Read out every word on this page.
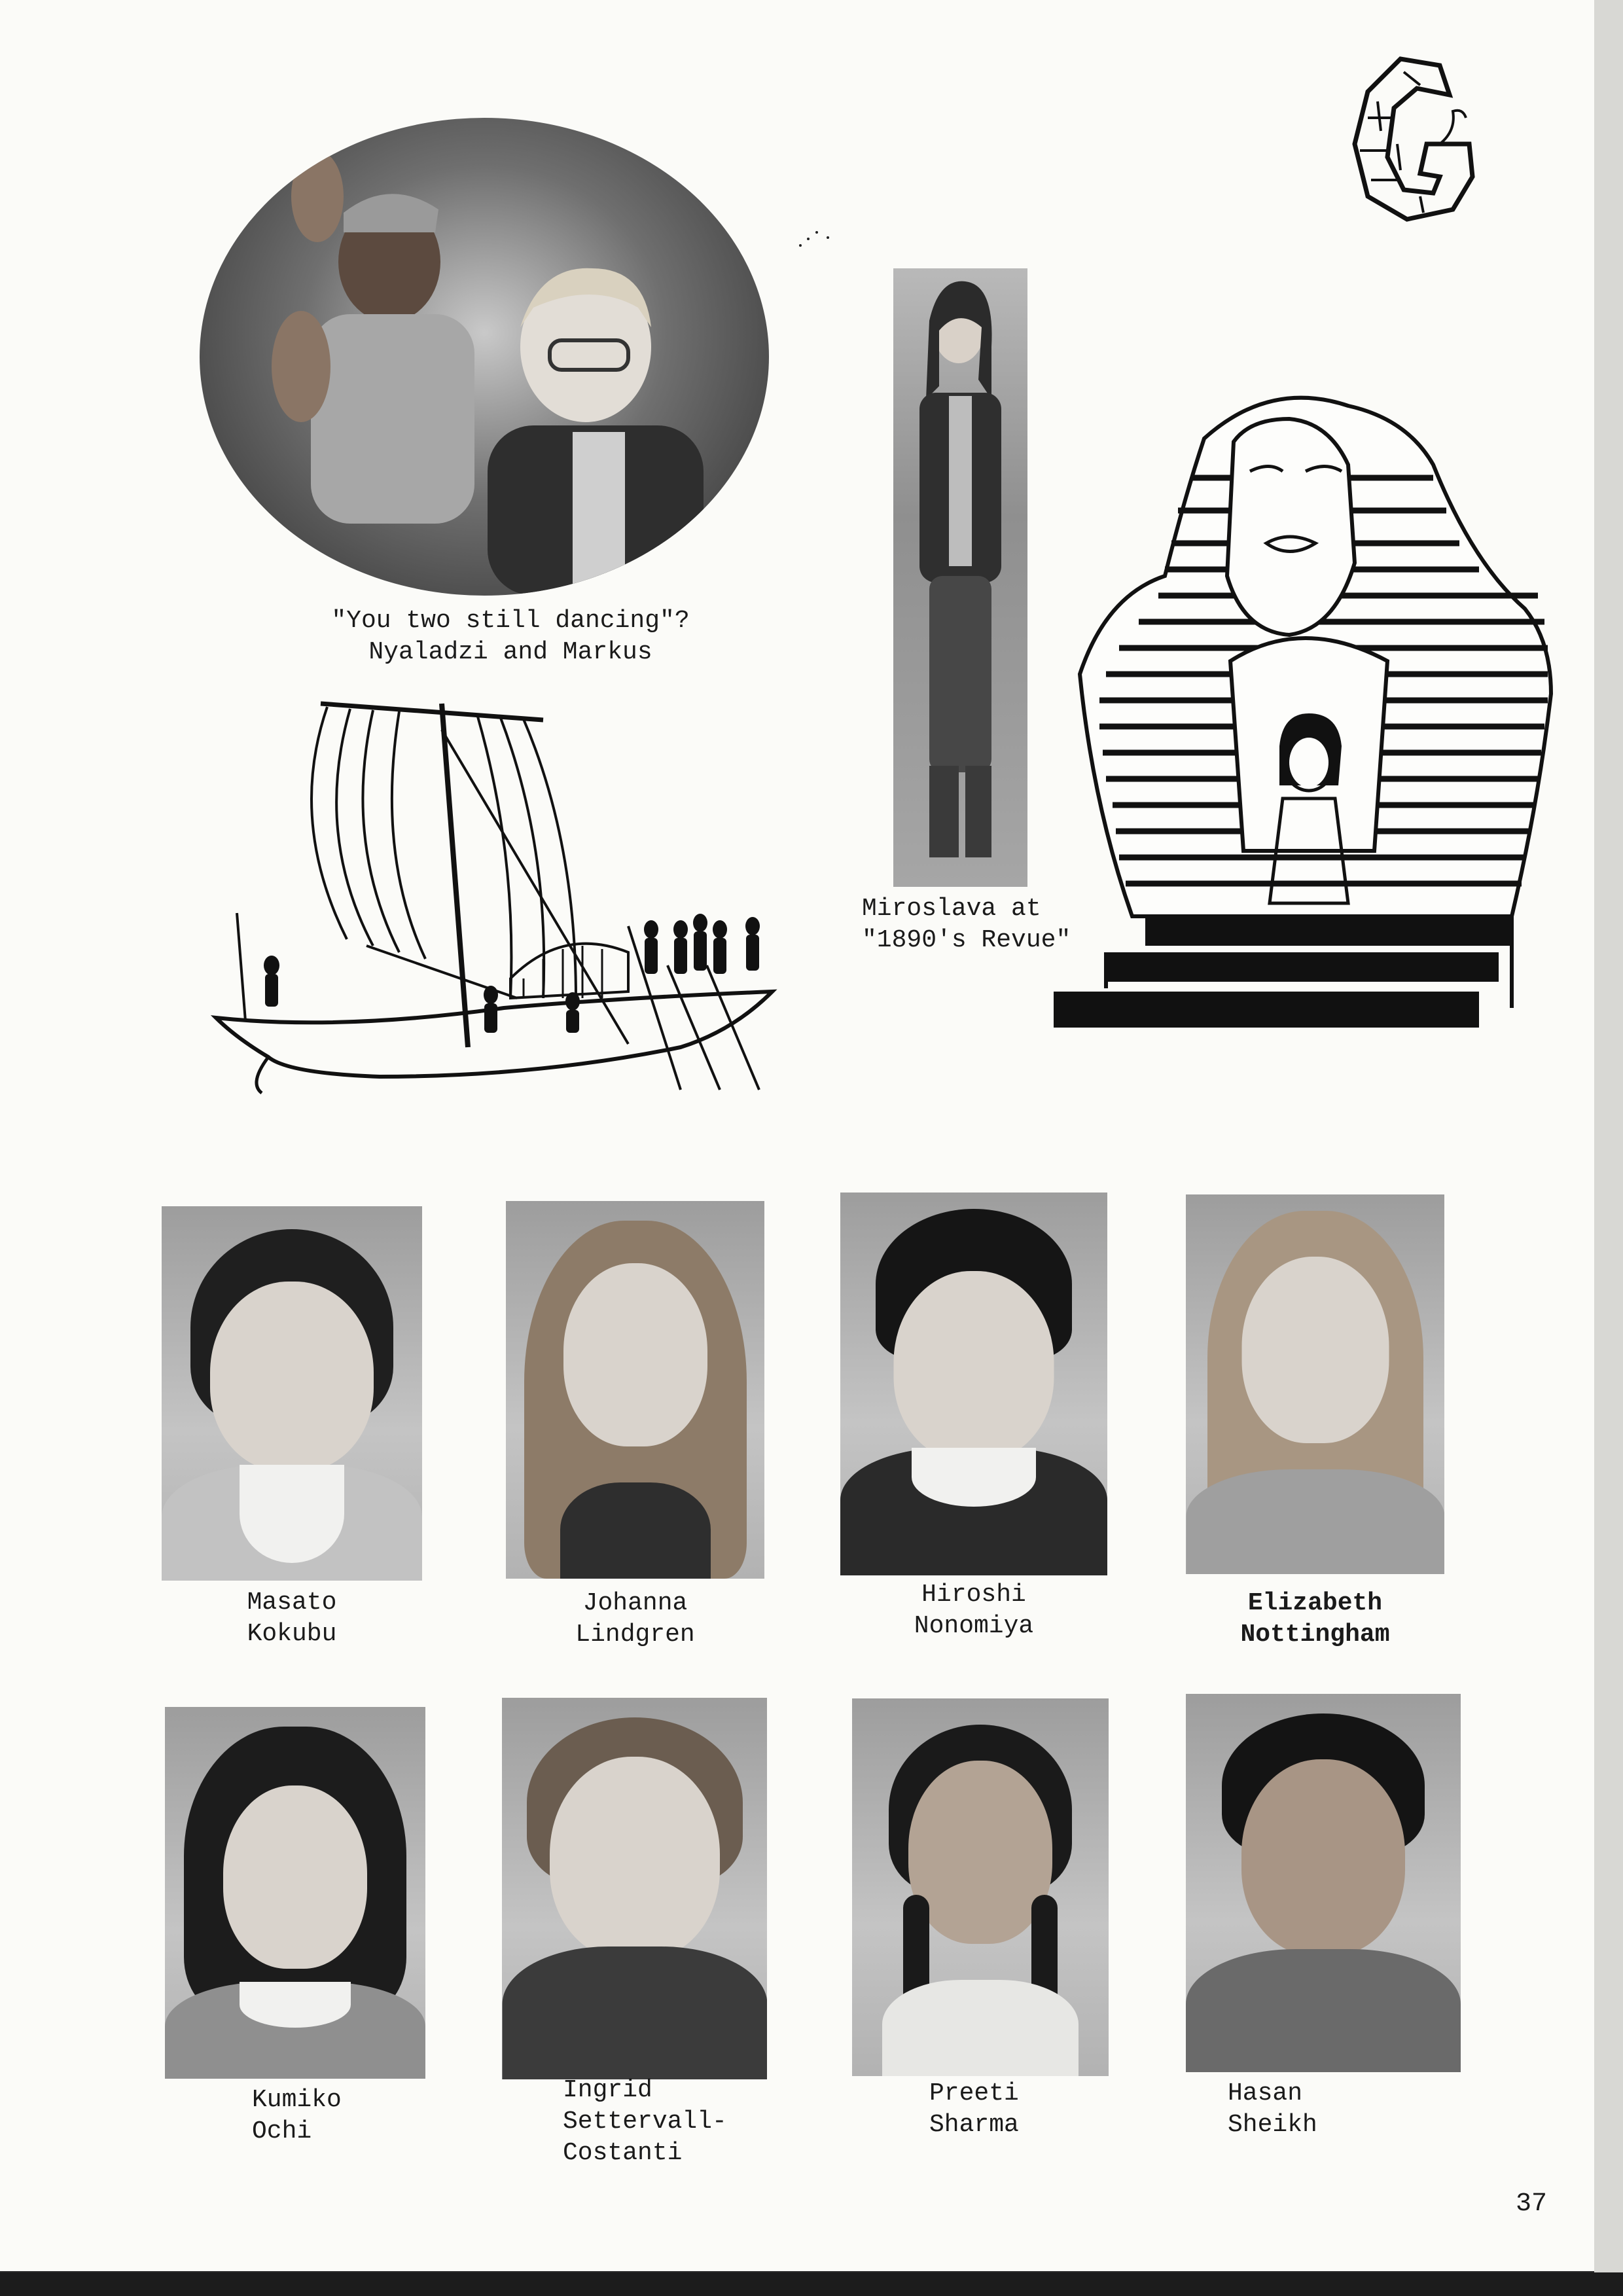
"You two still dancing"?
Nyaladzi and Markus
Miroslava at
"1890's Revue"
Masato
Kokubu
Johanna
Lindgren
Hiroshi
Nonomiya
Elizabeth
Nottingham
Kumiko
Ochi
Ingrid
Settervall-
Costanti
Preeti
Sharma
Hasan
Sheikh
37
